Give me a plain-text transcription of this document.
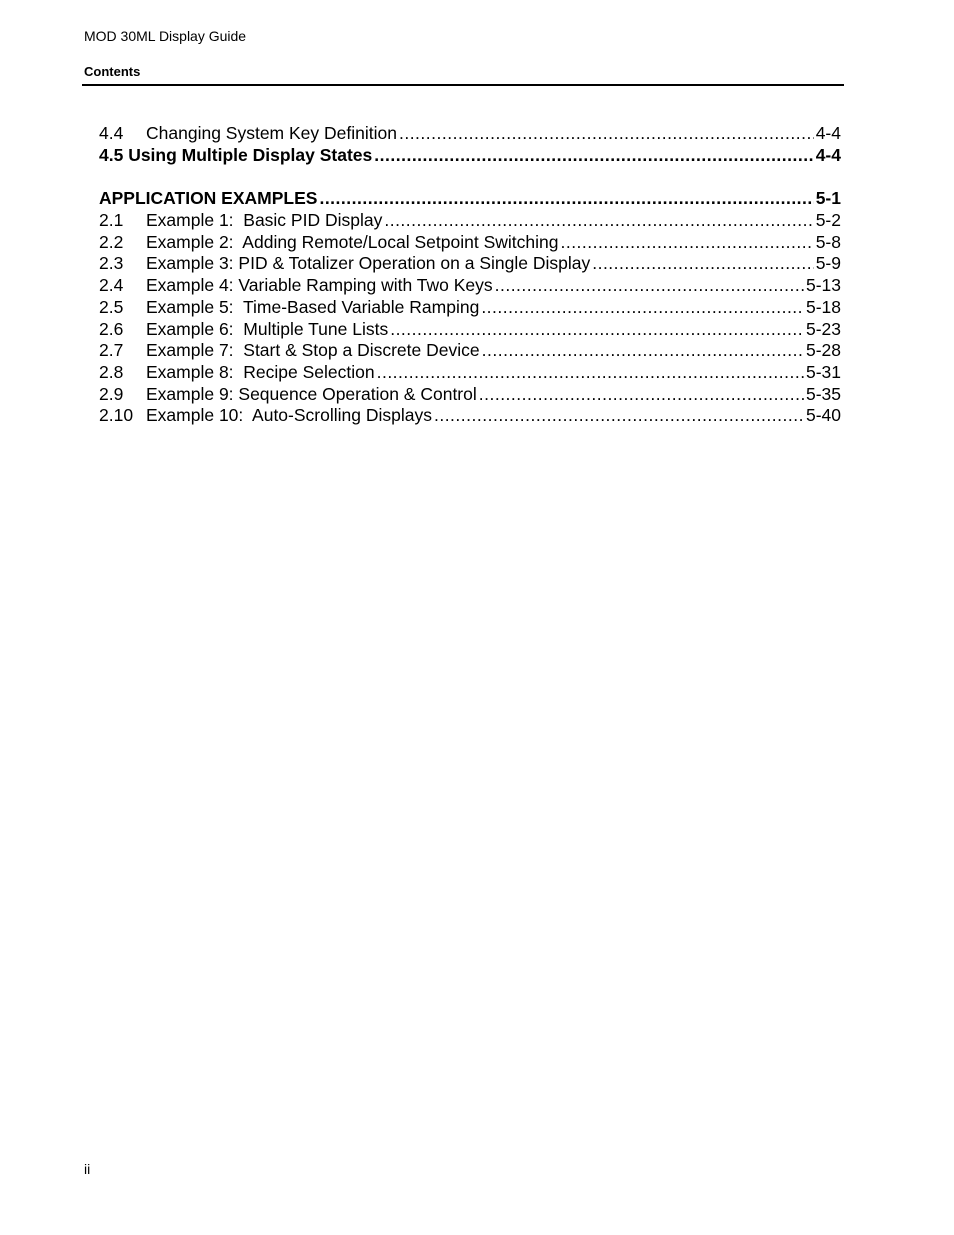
MOD 30ML Display Guide
Contents
4.4	Changing System Key Definition .....	4-4
4.5 Using Multiple Display States .....	4-4
APPLICATION EXAMPLES .....	5-1
2.1	Example 1:  Basic PID Display .....	5-2
2.2	Example 2:  Adding Remote/Local Setpoint Switching .....	5-8
2.3	Example 3: PID & Totalizer Operation on a Single Display .....	5-9
2.4	Example 4: Variable Ramping with Two Keys .....	5-13
2.5	Example 5:  Time-Based Variable Ramping .....	5-18
2.6	Example 6:  Multiple Tune Lists .....	5-23
2.7	Example 7:  Start & Stop a Discrete Device .....	5-28
2.8	Example 8:  Recipe Selection .....	5-31
2.9	Example 9: Sequence Operation & Control .....	5-35
2.10 Example 10:  Auto-Scrolling Displays .....	5-40
ii
